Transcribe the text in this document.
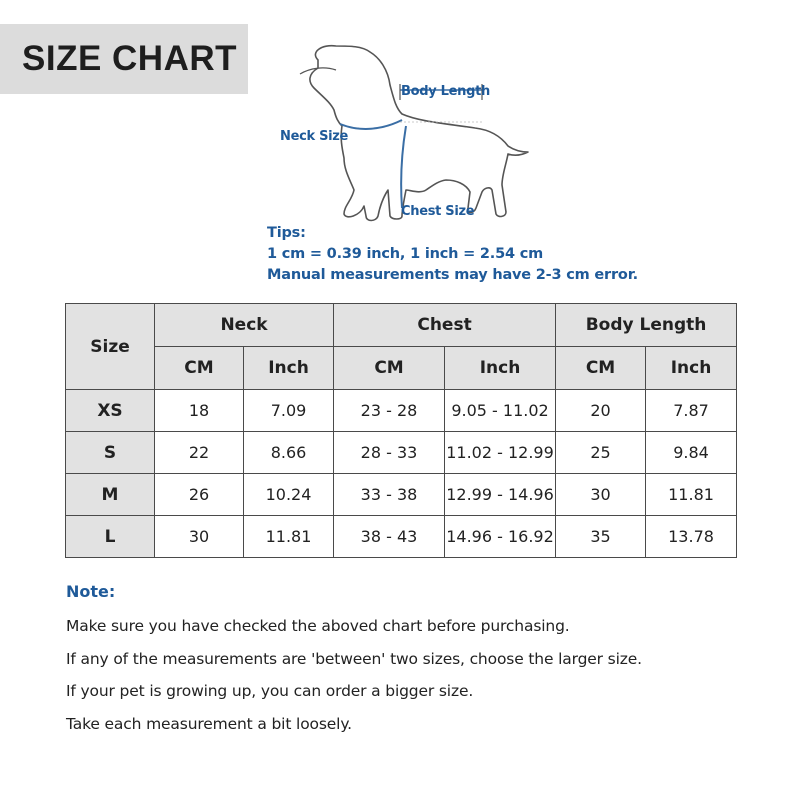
SIZE CHART
Body Length
Neck Size
Chest Size
Tips:
1 cm = 0.39 inch, 1 inch = 2.54 cm
Manual measurements may have 2-3 cm error.
Size	Neck		Chest		Body Length	
	CM	Inch	CM	Inch	CM	Inch
XS	18	7.09	23 - 28	9.05 - 11.02	20	7.87
S	22	8.66	28 - 33	11.02 - 12.99	25	9.84
M	26	10.24	33 - 38	12.99 - 14.96	30	11.81
L	30	11.81	38 - 43	14.96 - 16.92	35	13.78
Note:
Make sure you have checked the aboved chart before purchasing.
If any of the measurements are 'between' two sizes, choose the larger size.
If your pet is growing up, you can order a bigger size.
Take each measurement a bit loosely.
